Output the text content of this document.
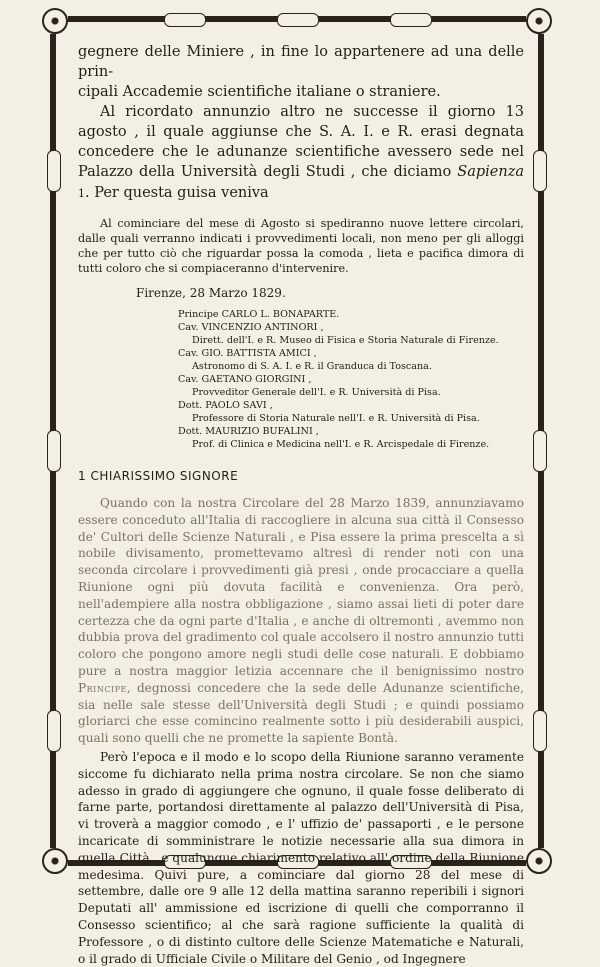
gegnere delle Miniere , in fine lo appartenere ad una delle prin-

cipali Accademie scientifiche italiane o straniere.

Al ricordato annunzio altro ne successe il giorno 13 agosto , il quale aggiunse che S. A. I. e R. erasi degnata concedere che le adunanze scientifiche avessero sede nel Palazzo della Università degli Studi , che diciamo Sapienza 1. Per questa guisa veniva

Al cominciare del mese di Agosto si spediranno nuove lettere circolari, dalle quali verranno indicati i provvedimenti locali, non meno per gli alloggi che per tutto ciò che riguardar possa la comoda , lieta e pacifica dimora di tutti coloro che si compiaceranno d'intervenire.

Firenze, 28 Marzo 1829.

Principe CARLO L. BONAPARTE.
Cav. VINCENZIO ANTINORI ,
Dirett. dell'I. e R. Museo di Fisica e Storia Naturale di Firenze.
Cav. GIO. BATTISTA AMICI ,
Astronomo di S. A. I. e R. il Granduca di Toscana.
Cav. GAETANO GIORGINI ,
Provveditor Generale dell'I. e R. Università di Pisa.
Dott. PAOLO SAVI ,
Professore di Storia Naturale nell'I. e R. Università di Pisa.
Dott. MAURIZIO BUFALINI ,
Prof. di Clinica e Medicina nell'I. e R. Arcispedale di Firenze.

1 CHIARISSIMO SIGNORE

Quando con la nostra Circolare del 28 Marzo 1839, annunziavamo essere conceduto all'Italia di raccogliere in alcuna sua città il Consesso de' Cultori delle Scienze Naturali , e Pisa essere la prima prescelta a sì nobile divisamento, promettevamo altresì di render noti con una seconda circolare i provvedimenti già presi , onde procacciare a quella Riunione ogni più dovuta facilità e convenienza. Ora però, nell'adempiere alla nostra obbligazione , siamo assai lieti di poter dare certezza che da ogni parte d'Italia , e anche di oltremonti , avemmo non dubbia prova del gradimento col quale accolsero il nostro annunzio tutti coloro che pongono amore negli studi delle cose naturali. E dobbiamo pure a nostra maggior letizia accennare che il benignissimo nostro Principe, degnossi concedere che la sede delle Adunanze scientifiche, sia nelle sale stesse dell'Università degli Studi ; e quindi possiamo gloriarci che esse comincino realmente sotto i più desiderabili auspici, quali sono quelli che ne promette la sapiente Bontà.

Però l'epoca e il modo e lo scopo della Riunione saranno veramente siccome fu dichiarato nella prima nostra circolare. Se non che siamo adesso in grado di aggiungere che ognuno, il quale fosse deliberato di farne parte, portandosi direttamente al palazzo dell'Università di Pisa, vi troverà a maggior comodo , e l' uffizio de' passaporti , e le persone incaricate di somministrare le notizie necessarie alla sua dimora in quella Città , e qualunque chiarimento relativo all' ordine della Riunione medesima. Quivi pure, a cominciare dal giorno 28 del mese di settembre, dalle ore 9 alle 12 della mattina saranno reperibili i signori Deputati all' ammissione ed iscrizione di quelli che comporranno il Consesso scientifico; al che sarà ragione sufficiente la qualità di Professore , o di distinto cultore delle Scienze Matematiche e Naturali, o il grado di Ufficiale Civile o Militare del Genio , od Ingegnere
